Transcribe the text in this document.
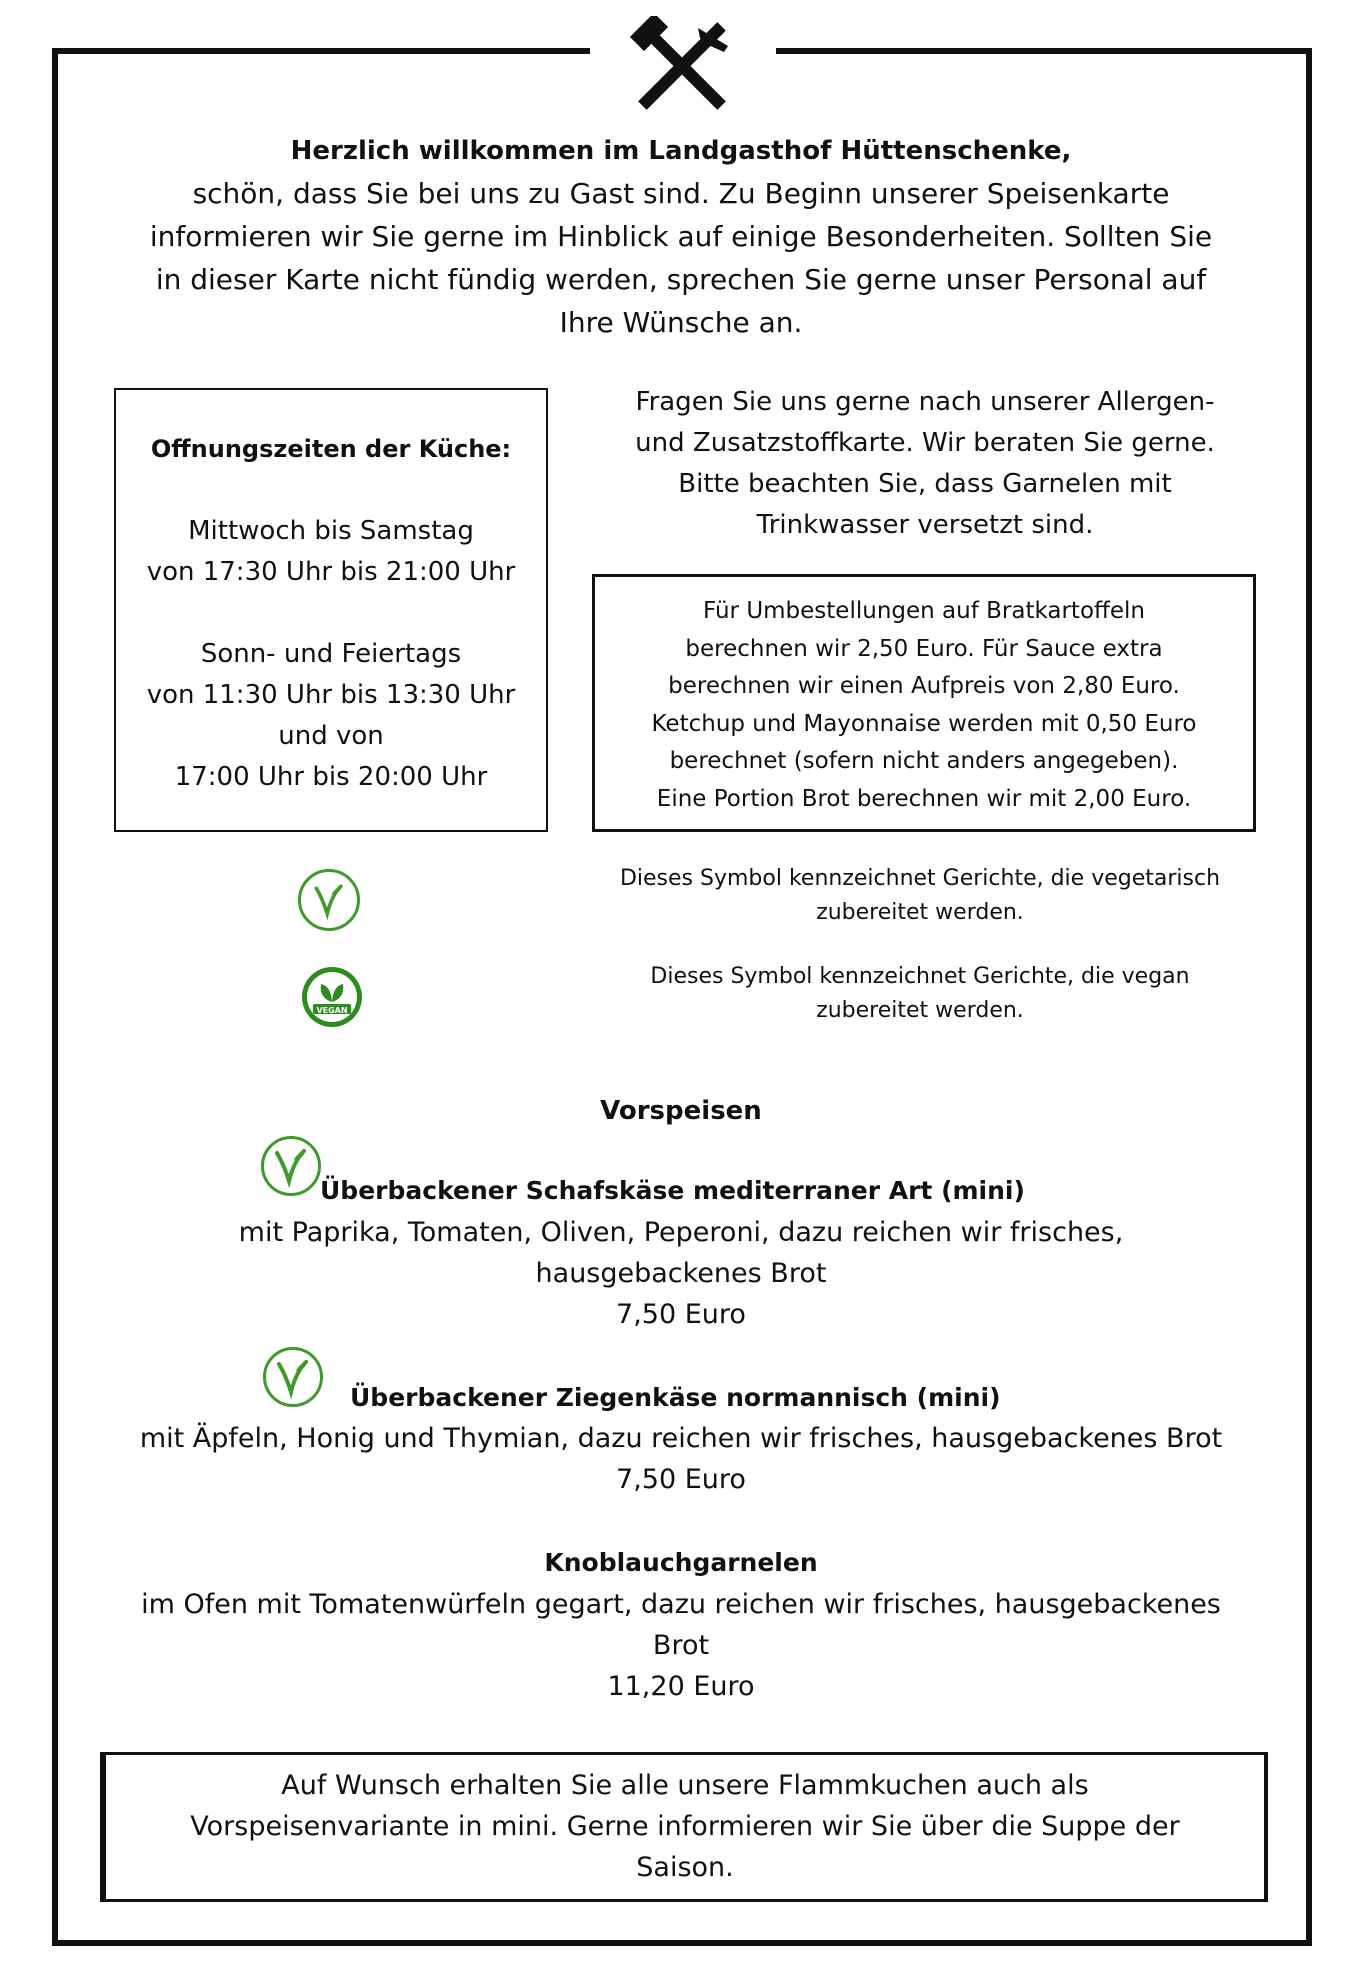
Herzlich willkommen im Landgasthof Hüttenschenke,
schön, dass Sie bei uns zu Gast sind. Zu Beginn unserer Speisenkarte
informieren wir Sie gerne im Hinblick auf einige Besonderheiten. Sollten Sie
in dieser Karte nicht fündig werden, sprechen Sie gerne unser Personal auf
Ihre Wünsche an.
Offnungszeiten der Küche:
Mittwoch bis Samstag
von 17:30 Uhr bis 21:00 Uhr
Sonn- und Feiertags
von 11:30 Uhr bis 13:30 Uhr
und von
17:00 Uhr bis 20:00 Uhr
Fragen Sie uns gerne nach unserer Allergen-
und Zusatzstoffkarte. Wir beraten Sie gerne.
Bitte beachten Sie, dass Garnelen mit
Trinkwasser versetzt sind.
Für Umbestellungen auf Bratkartoffeln
berechnen wir 2,50 Euro. Für Sauce extra
berechnen wir einen Aufpreis von 2,80 Euro.
Ketchup und Mayonnaise werden mit 0,50 Euro
berechnet (sofern nicht anders angegeben).
Eine Portion Brot berechnen wir mit 2,00 Euro.
Dieses Symbol kennzeichnet Gerichte, die vegetarisch
zubereitet werden.
VEGAN
Dieses Symbol kennzeichnet Gerichte, die vegan
zubereitet werden.
Vorspeisen
Überbackener Schafskäse mediterraner Art (mini)
mit Paprika, Tomaten, Oliven, Peperoni, dazu reichen wir frisches,
hausgebackenes Brot
7,50 Euro
Überbackener Ziegenkäse normannisch (mini)
mit Äpfeln, Honig und Thymian, dazu reichen wir frisches, hausgebackenes Brot
7,50 Euro
Knoblauchgarnelen
im Ofen mit Tomatenwürfeln gegart, dazu reichen wir frisches, hausgebackenes
Brot
11,20 Euro
Auf Wunsch erhalten Sie alle unsere Flammkuchen auch als
Vorspeisenvariante in mini. Gerne informieren wir Sie über die Suppe der
Saison.
